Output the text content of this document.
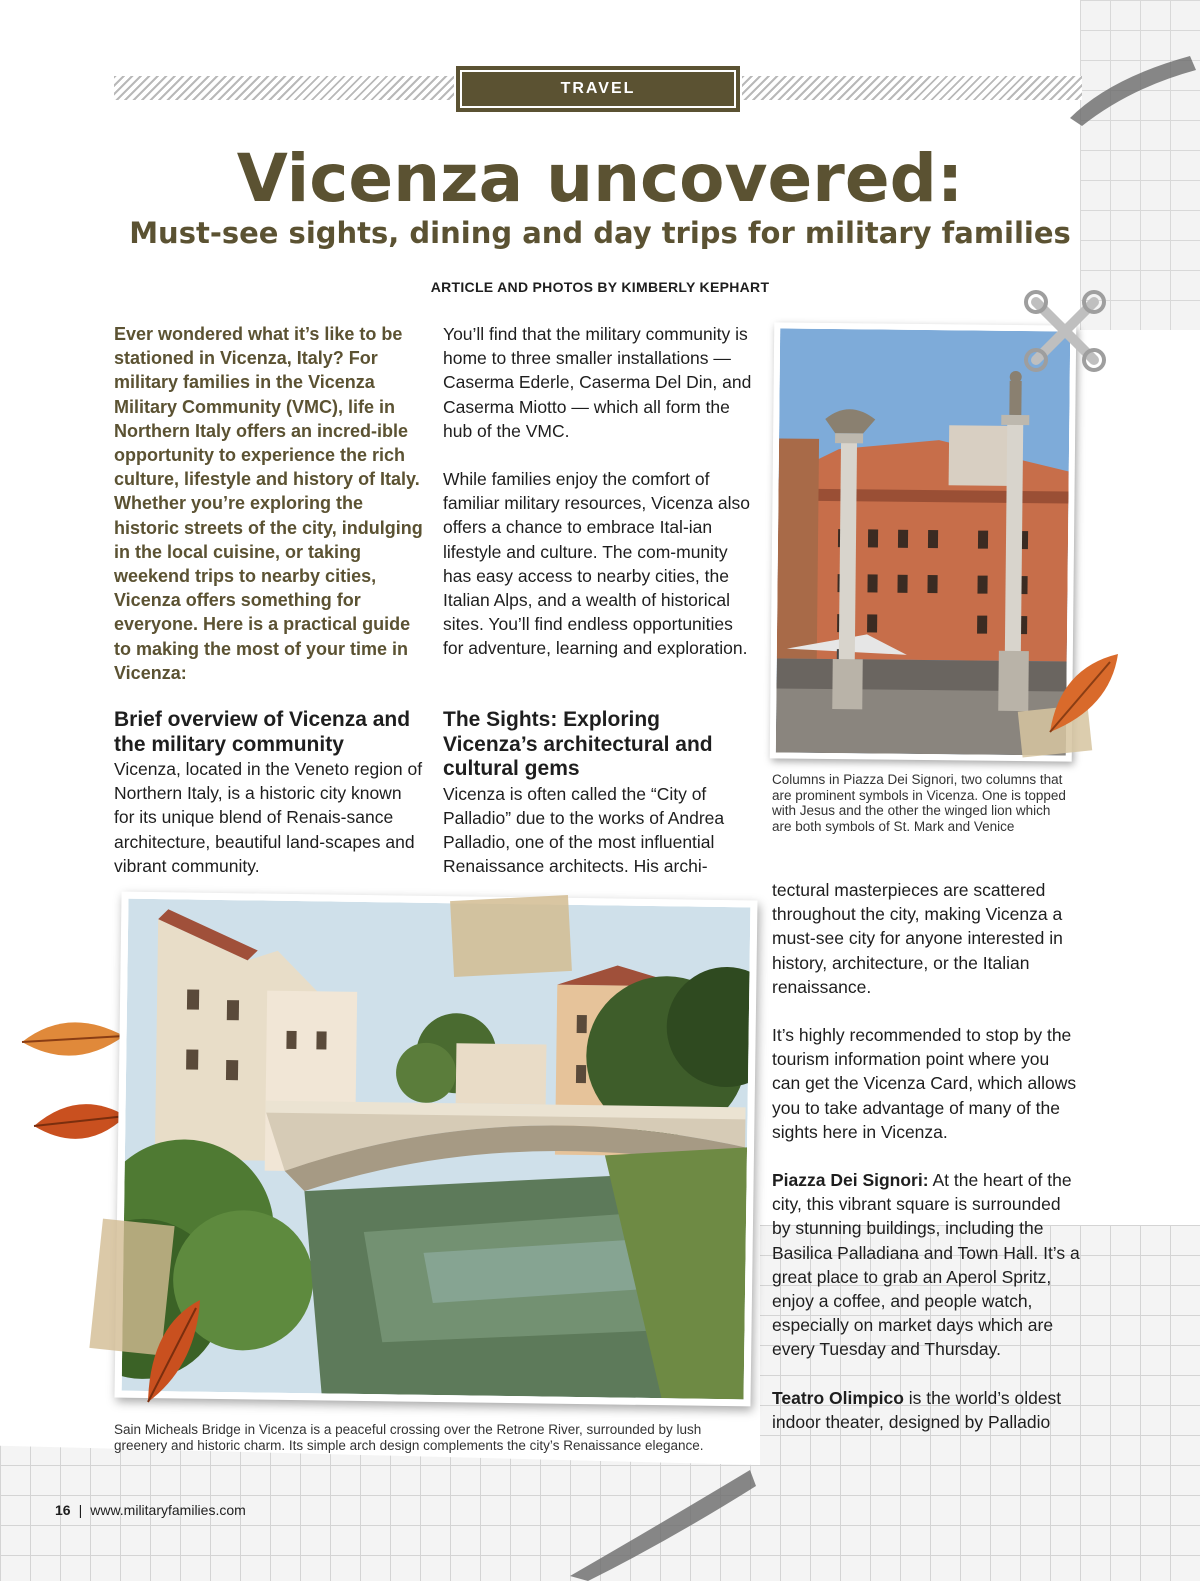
TRAVEL
Vicenza uncovered:
Must-see sights, dining and day trips for military families
ARTICLE AND PHOTOS BY KIMBERLY KEPHART
Ever wondered what it’s like to be stationed in Vicenza, Italy? For military families in the Vicenza Military Community (VMC), life in Northern Italy offers an incred-ible opportunity to experience the rich culture, lifestyle and history of Italy. Whether you’re exploring the historic streets of the city, indulging in the local cuisine, or taking weekend trips to nearby cities, Vicenza offers something for everyone. Here is a practical guide to making the most of your time in Vicenza:
Brief overview of Vicenza and the military community
Vicenza, located in the Veneto region of Northern Italy, is a historic city known for its unique blend of Renais-sance architecture, beautiful land-scapes and vibrant community.

You’ll find that the military community is home to three smaller installations — Caserma Ederle, Caserma Del Din, and Caserma Miotto — which all form the hub of the VMC.

While families enjoy the comfort of familiar military resources, Vicenza also offers a chance to embrace Ital-ian lifestyle and culture. The com-munity has easy access to nearby cities, the Italian Alps, and a wealth of historical sites. You’ll find endless opportunities for adventure, learning and exploration.

The Sights: Exploring Vicenza’s architectural and cultural gems
Vicenza is often called the “City of Palladio” due to the works of Andrea Palladio, one of the most influential Renaissance architects. His archi-
Columns in Piazza Dei Signori, two columns that are prominent symbols in Vicenza. One is topped with Jesus and the other the winged lion which are both symbols of St. Mark and Venice

tectural masterpieces are scattered throughout the city, making Vicenza a must-see city for anyone interested in history, architecture, or the Italian renaissance.

It’s highly recommended to stop by the tourism information point where you can get the Vicenza Card, which allows you to take advantage of many of the sights here in Vicenza.

Piazza Dei Signori: At the heart of the city, this vibrant square is surrounded by stunning buildings, including the Basilica Palladiana and Town Hall. It’s a great place to grab an Aperol Spritz, enjoy a coffee, and people watch, especially on market days which are every Tuesday and Thursday.

Teatro Olimpico is the world’s oldest indoor theater, designed by Palladio

Sain Micheals Bridge in Vicenza is a peaceful crossing over the Retrone River, surrounded by lush greenery and historic charm. Its simple arch design complements the city’s Renaissance elegance.
16 | www.militaryfamilies.com
